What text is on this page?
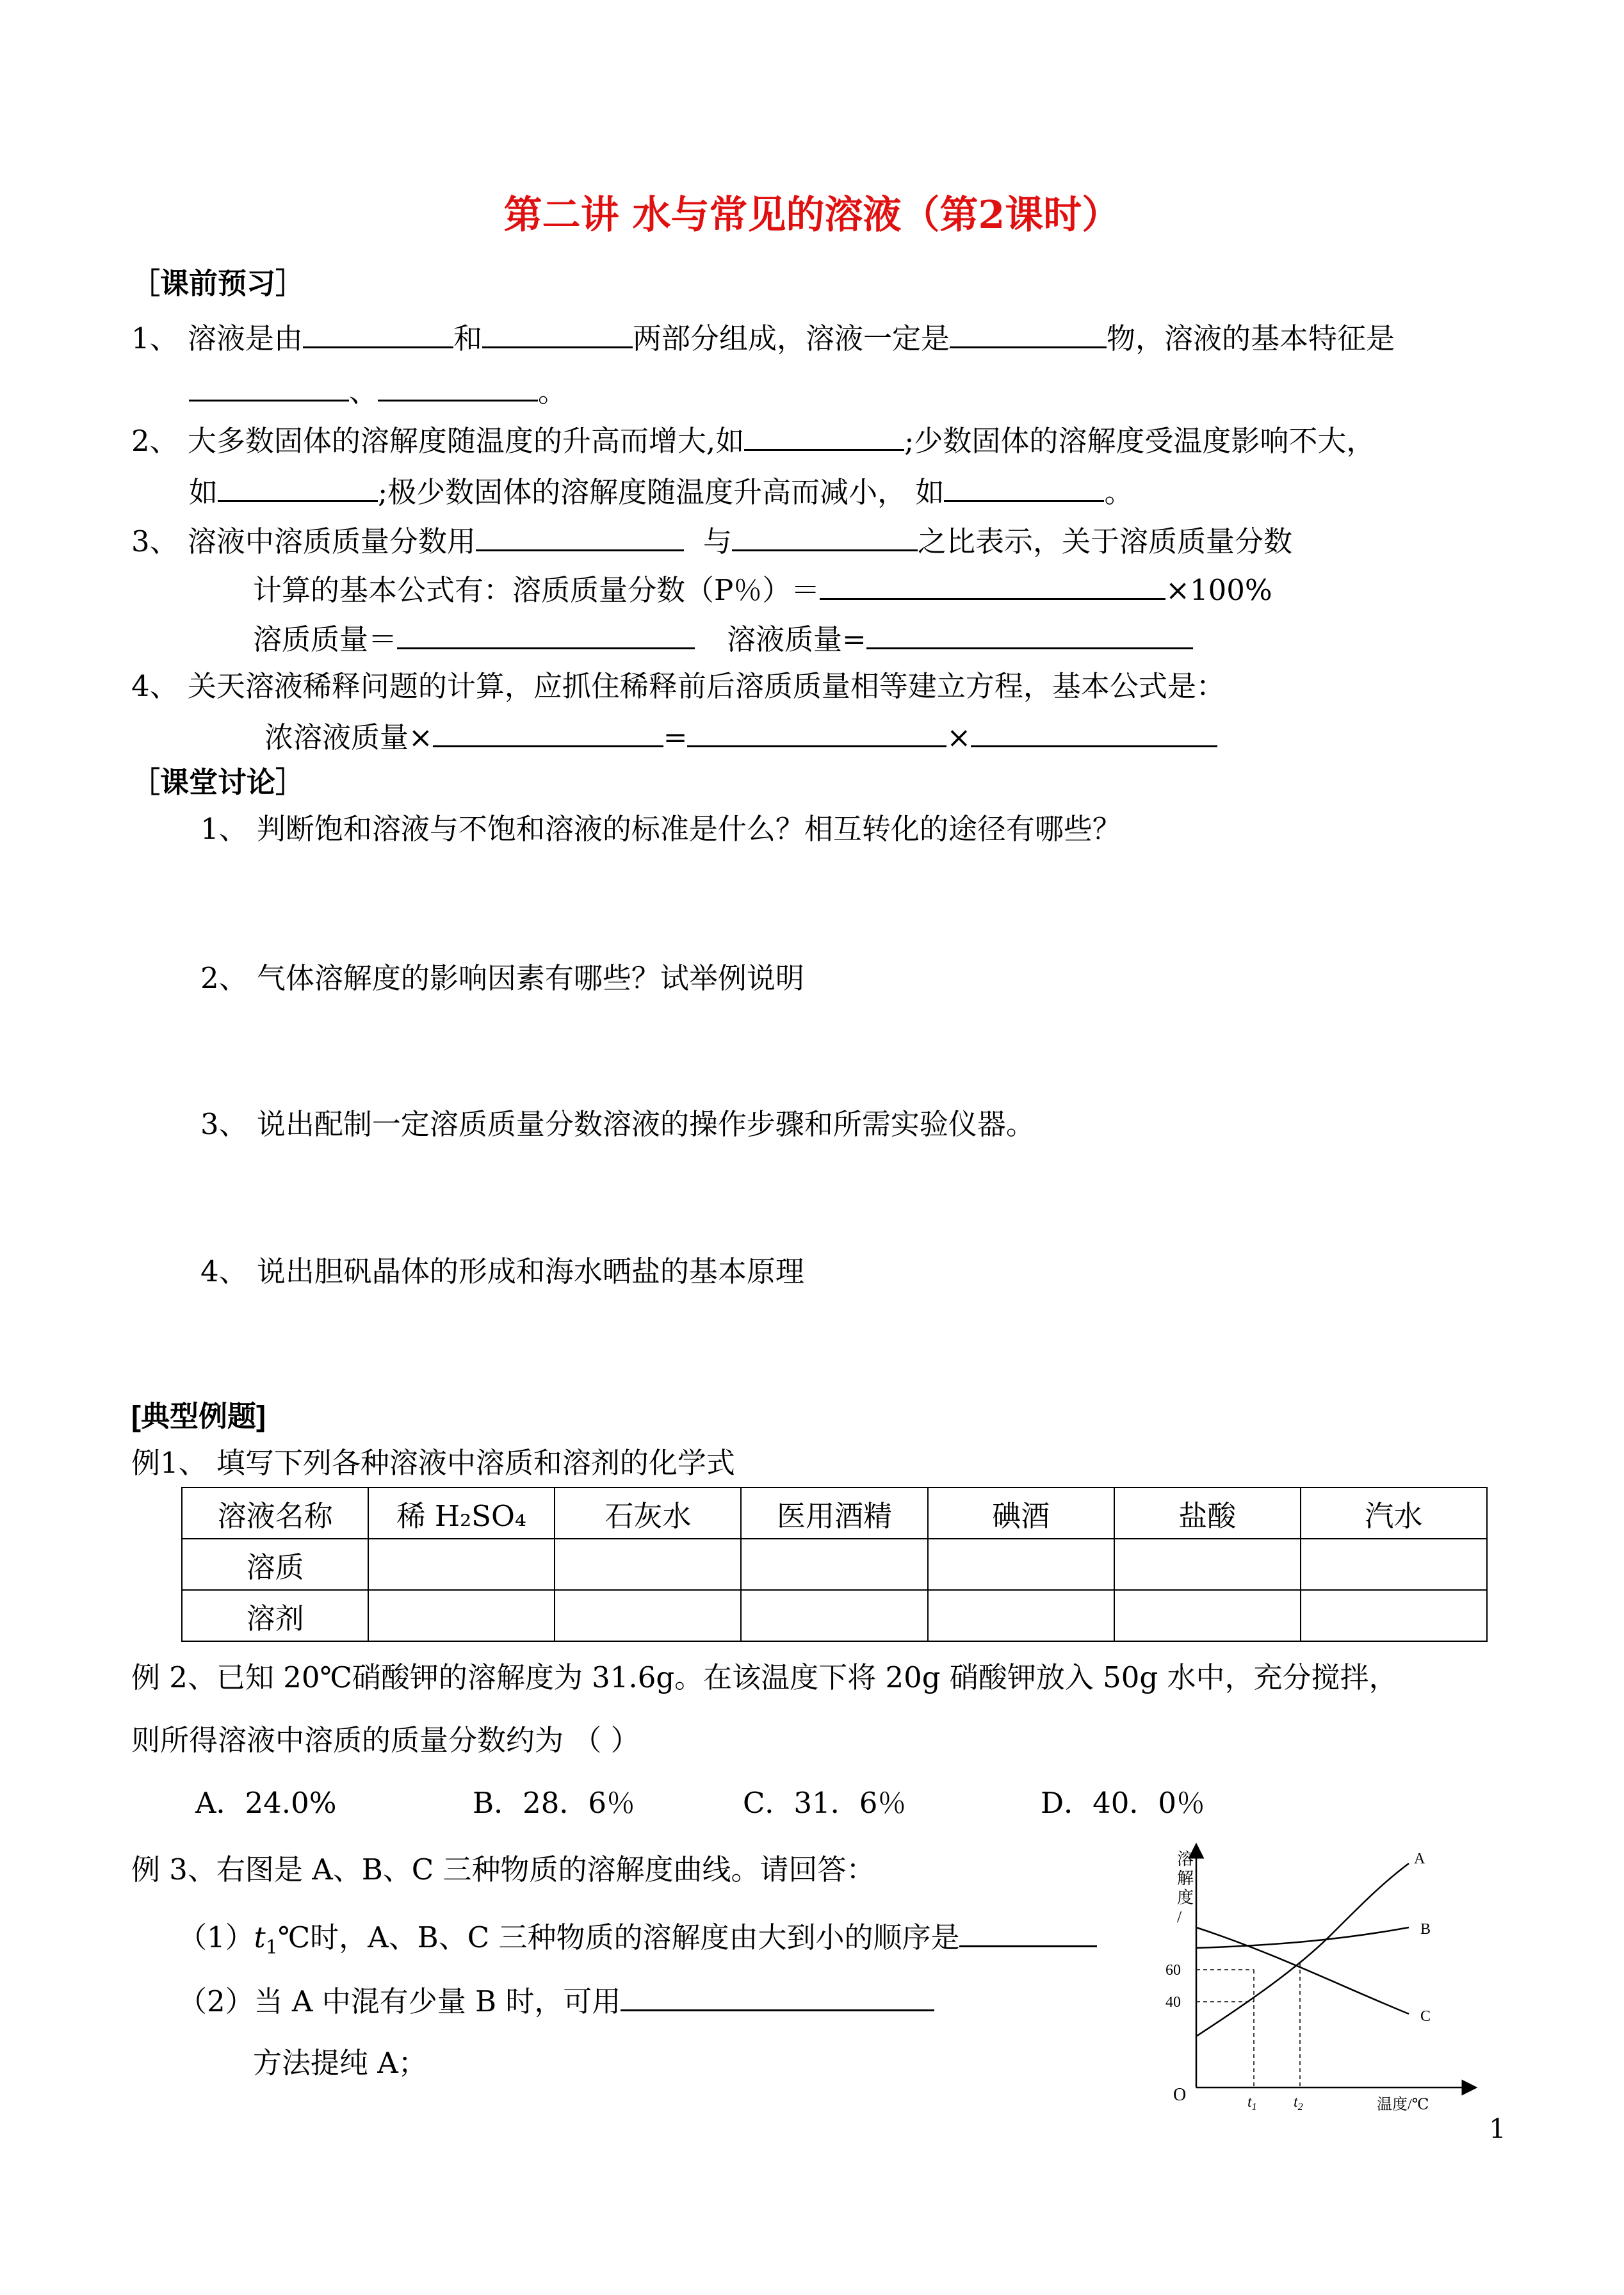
第二讲 水与常见的溶液（第2课时）
［课前预习］
1、 溶液是由	和	两部分组成，溶液一定是	物，溶液的基本特征是
、	。
2、 大多数固体的溶解度随温度的升高而增大,如	;少数固体的溶解度受温度影响不大，
如	;极少数固体的溶解度随温度升高而减小， 如	。
3、 溶液中溶质质量分数用	与	之比表示，关于溶质质量分数
计算的基本公式有：溶质质量分数（P％）＝	×100%
溶质质量＝	溶液质量=
4、 关天溶液稀释问题的计算，应抓住稀释前后溶质质量相等建立方程，基本公式是：
浓溶液质量×	=	×
［课堂讨论］
1、 判断饱和溶液与不饱和溶液的标准是什么？相互转化的途径有哪些？
2、 气体溶解度的影响因素有哪些？试举例说明
3、 说出配制一定溶质质量分数溶液的操作步骤和所需实验仪器。
4、 说出胆矾晶体的形成和海水晒盐的基本原理
[典型例题]
例1、 填写下列各种溶液中溶质和溶剂的化学式
溶液名称	稀 H₂SO₄	石灰水	医用酒精	碘酒	盐酸	汽水
溶质						
溶剂						
例 2、已知 20℃硝酸钾的溶解度为 31.6g。在该温度下将 20g 硝酸钾放入 50g 水中，充分搅拌，
则所得溶液中溶质的质量分数约为 （ ）
A．24.0%	B．28．6％	C．31．6％	D．40．0％
例 3、右图是 A、B、C 三种物质的溶解度曲线。请回答：
$(1)t_1℃$时，A、B、C 三种物质的溶解度由大到小的顺序是
（2）当 A 中混有少量 B 时，可用
方法提纯 A；
溶
解
度
/
O
60
40
$t_1$ $t_2$	温度/℃
A
B
C
1
